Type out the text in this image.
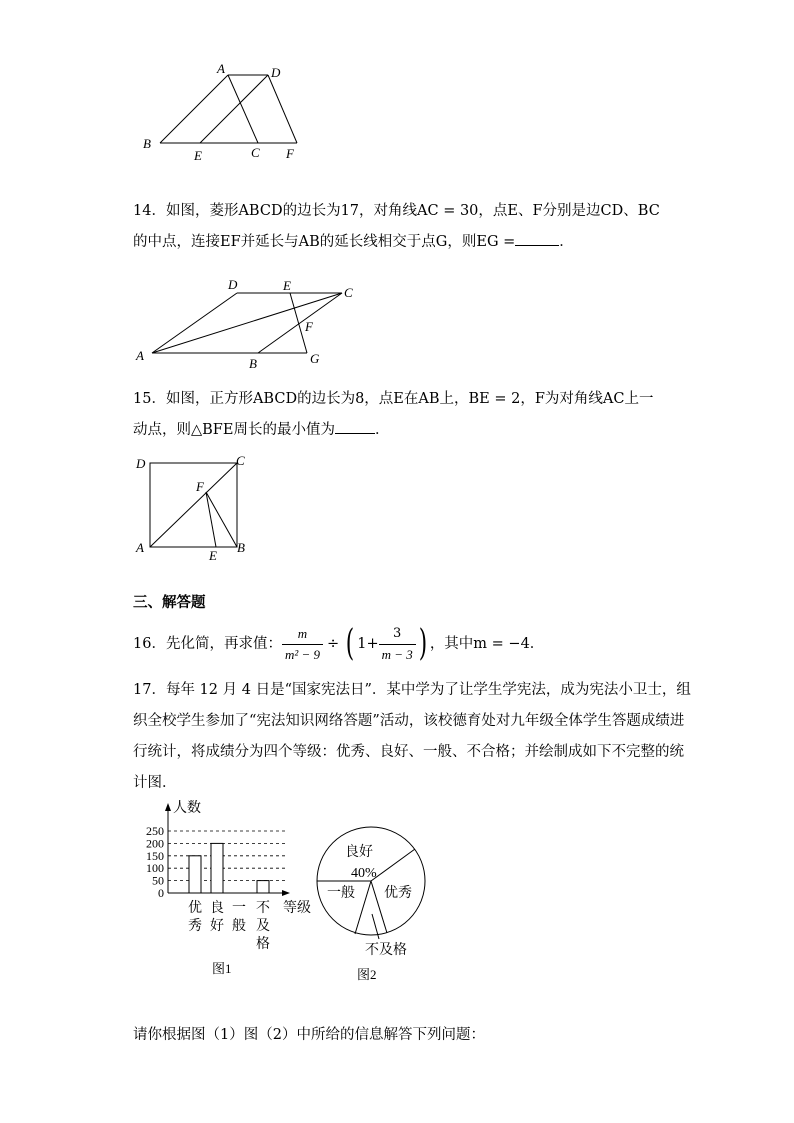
A	D
B
E	C F
14．如图，菱形ABCD的边长为17，对角线AC = 30，点E、F分别是边CD、BC
的中点，连接EF并延长与AB的延长线相交于点G，则EG =	．
D	E	C
F
A
B	G
15．如图，正方形ABCD的边长为8，点E在AB上，BE = 2，F为对角线AC上一
动点，则△BFE周长的最小值为	．
D	C
F
A
E
B
三、解答题
16．先化简，再求值： $\frac{m}{\text{m² − 9}}$ ÷ ( $1+ \frac{3}{m - 3}$ ) ，其中m = −4．
17．每年 12 月 4 日是“国家宪法日”．某中学为了让学生学宪法，成为宪法小卫士，组
织全校学生参加了“宪法知识网络答题”活动，该校德育处对九年级全体学生答题成绩进
行统计，将成绩分为四个等级：优秀、良好、一般、不合格；并绘制成如下不完整的统
计图．
人数
等级
250
200
150
100
50
0
优
秀
良
好
一
般
不
及
格
图1
良好
40%
优秀
一般
不及格
图2
请你根据图（1）图（2）中所给的信息解答下列问题：
